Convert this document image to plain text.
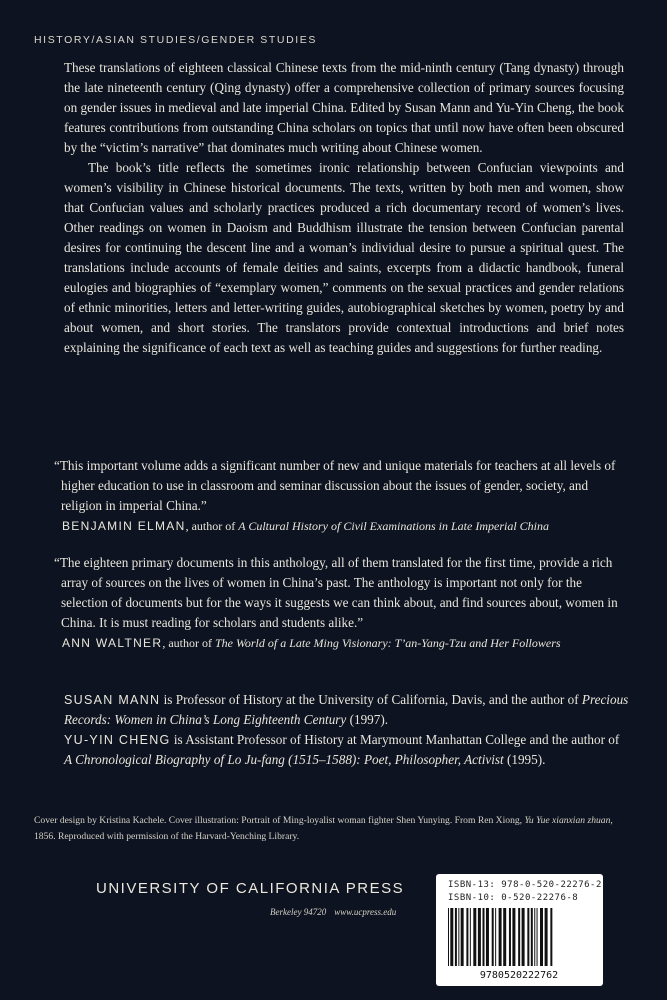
HISTORY/ASIAN STUDIES/GENDER STUDIES

These translations of eighteen classical Chinese texts from the mid-ninth century (Tang dynasty) through the late nineteenth century (Qing dynasty) offer a comprehensive collection of primary sources focusing on gender issues in medieval and late imperial China. Edited by Susan Mann and Yu-Yin Cheng, the book features contributions from outstanding China scholars on topics that until now have often been obscured by the “victim’s narrative” that dominates much writing about Chinese women.

The book’s title reflects the sometimes ironic relationship between Confucian viewpoints and women’s visibility in Chinese historical documents. The texts, written by both men and women, show that Confucian values and scholarly practices produced a rich documentary record of women’s lives. Other readings on women in Daoism and Buddhism illustrate the tension between Confucian parental desires for continuing the descent line and a woman’s individual desire to pursue a spiritual quest. The translations include accounts of female deities and saints, excerpts from a didactic handbook, funeral eulogies and biographies of “exemplary women,” comments on the sexual practices and gender relations of ethnic minorities, letters and letter-writing guides, autobiographical sketches by women, poetry by and about women, and short stories. The translators provide contextual introductions and brief notes explaining the significance of each text as well as teaching guides and suggestions for further reading.

“This important volume adds a significant number of new and unique materials for teachers at all levels of higher education to use in classroom and seminar discussion about the issues of gender, society, and religion in imperial China.”

BENJAMIN ELMAN, author of A Cultural History of Civil Examinations in Late Imperial China

“The eighteen primary documents in this anthology, all of them translated for the first time, provide a rich array of sources on the lives of women in China’s past. The anthology is important not only for the selection of documents but for the ways it suggests we can think about, and find sources about, women in China. It is must reading for scholars and students alike.”

ANN WALTNER, author of The World of a Late Ming Visionary: T’an-Yang-Tzu and Her Followers

SUSAN MANN is Professor of History at the University of California, Davis, and the author of Precious Records: Women in China’s Long Eighteenth Century (1997).

YU-YIN CHENG is Assistant Professor of History at Marymount Manhattan College and the author of A Chronological Biography of Lo Ju-fang (1515–1588): Poet, Philosopher, Activist (1995).

Cover design by Kristina Kachele. Cover illustration: Portrait of Ming-loyalist woman fighter Shen Yunying. From Ren Xiong, Yu Yue xianxian zhuan, 1856. Reproduced with permission of the Harvard-Yenching Library.
UNIVERSITY OF CALIFORNIA PRESS
Berkeley 94720 www.ucpress.edu
ISBN-13: 978-0-520-22276-2
ISBN-10: 0-520-22276-8
9780520222762
